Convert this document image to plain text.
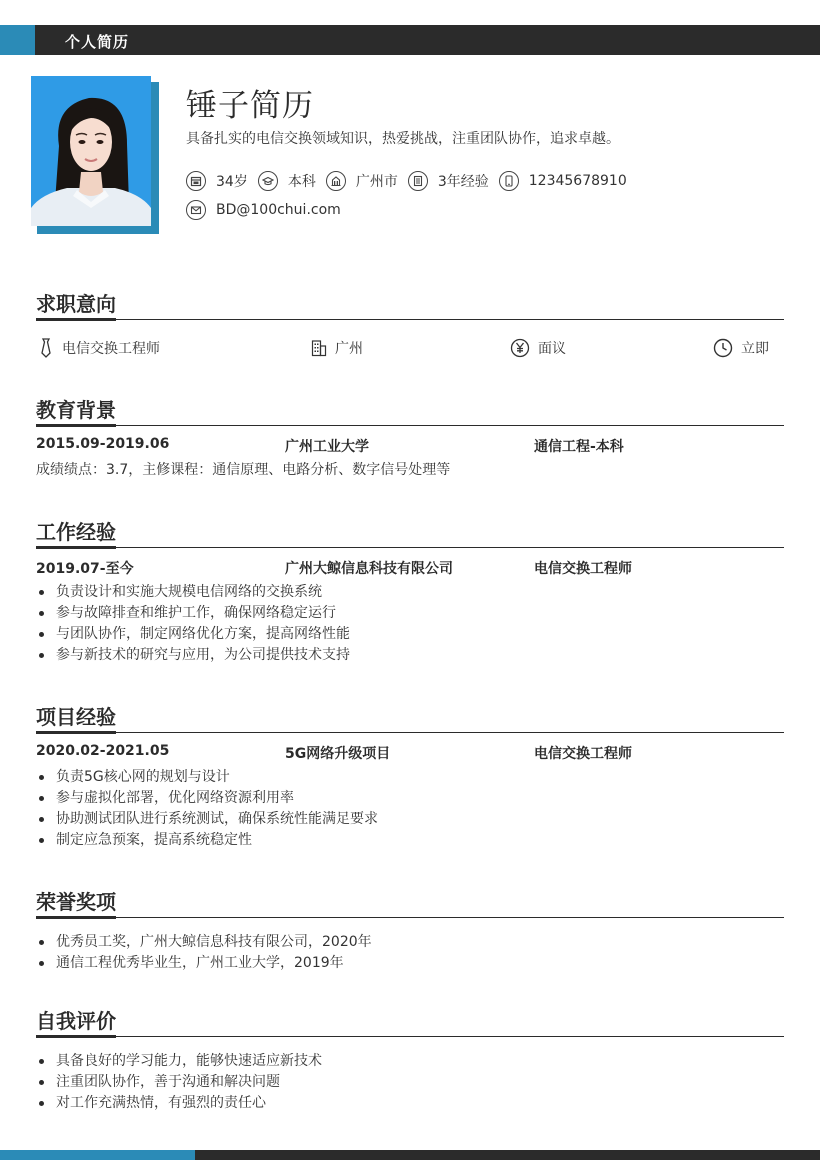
个人简历
锤子简历
具备扎实的电信交换领域知识，热爱挑战，注重团队协作，追求卓越。
34岁	本科	广州市	3年经验	12345678910
BD@100chui.com
求职意向
电信交换工程师	广州	面议	立即
教育背景
2015.09-2019.06	广州工业大学	通信工程-本科
成绩绩点：3.7，主修课程：通信原理、电路分析、数字信号处理等
工作经验
2019.07-至今	广州大鲸信息科技有限公司	电信交换工程师
负责设计和实施大规模电信网络的交换系统
参与故障排查和维护工作，确保网络稳定运行
与团队协作，制定网络优化方案，提高网络性能
参与新技术的研究与应用，为公司提供技术支持
项目经验
2020.02-2021.05	5G网络升级项目	电信交换工程师
负责5G核心网的规划与设计
参与虚拟化部署，优化网络资源利用率
协助测试团队进行系统测试，确保系统性能满足要求
制定应急预案，提高系统稳定性
荣誉奖项
优秀员工奖，广州大鲸信息科技有限公司，2020年
通信工程优秀毕业生，广州工业大学，2019年
自我评价
具备良好的学习能力，能够快速适应新技术
注重团队协作，善于沟通和解决问题
对工作充满热情，有强烈的责任心
